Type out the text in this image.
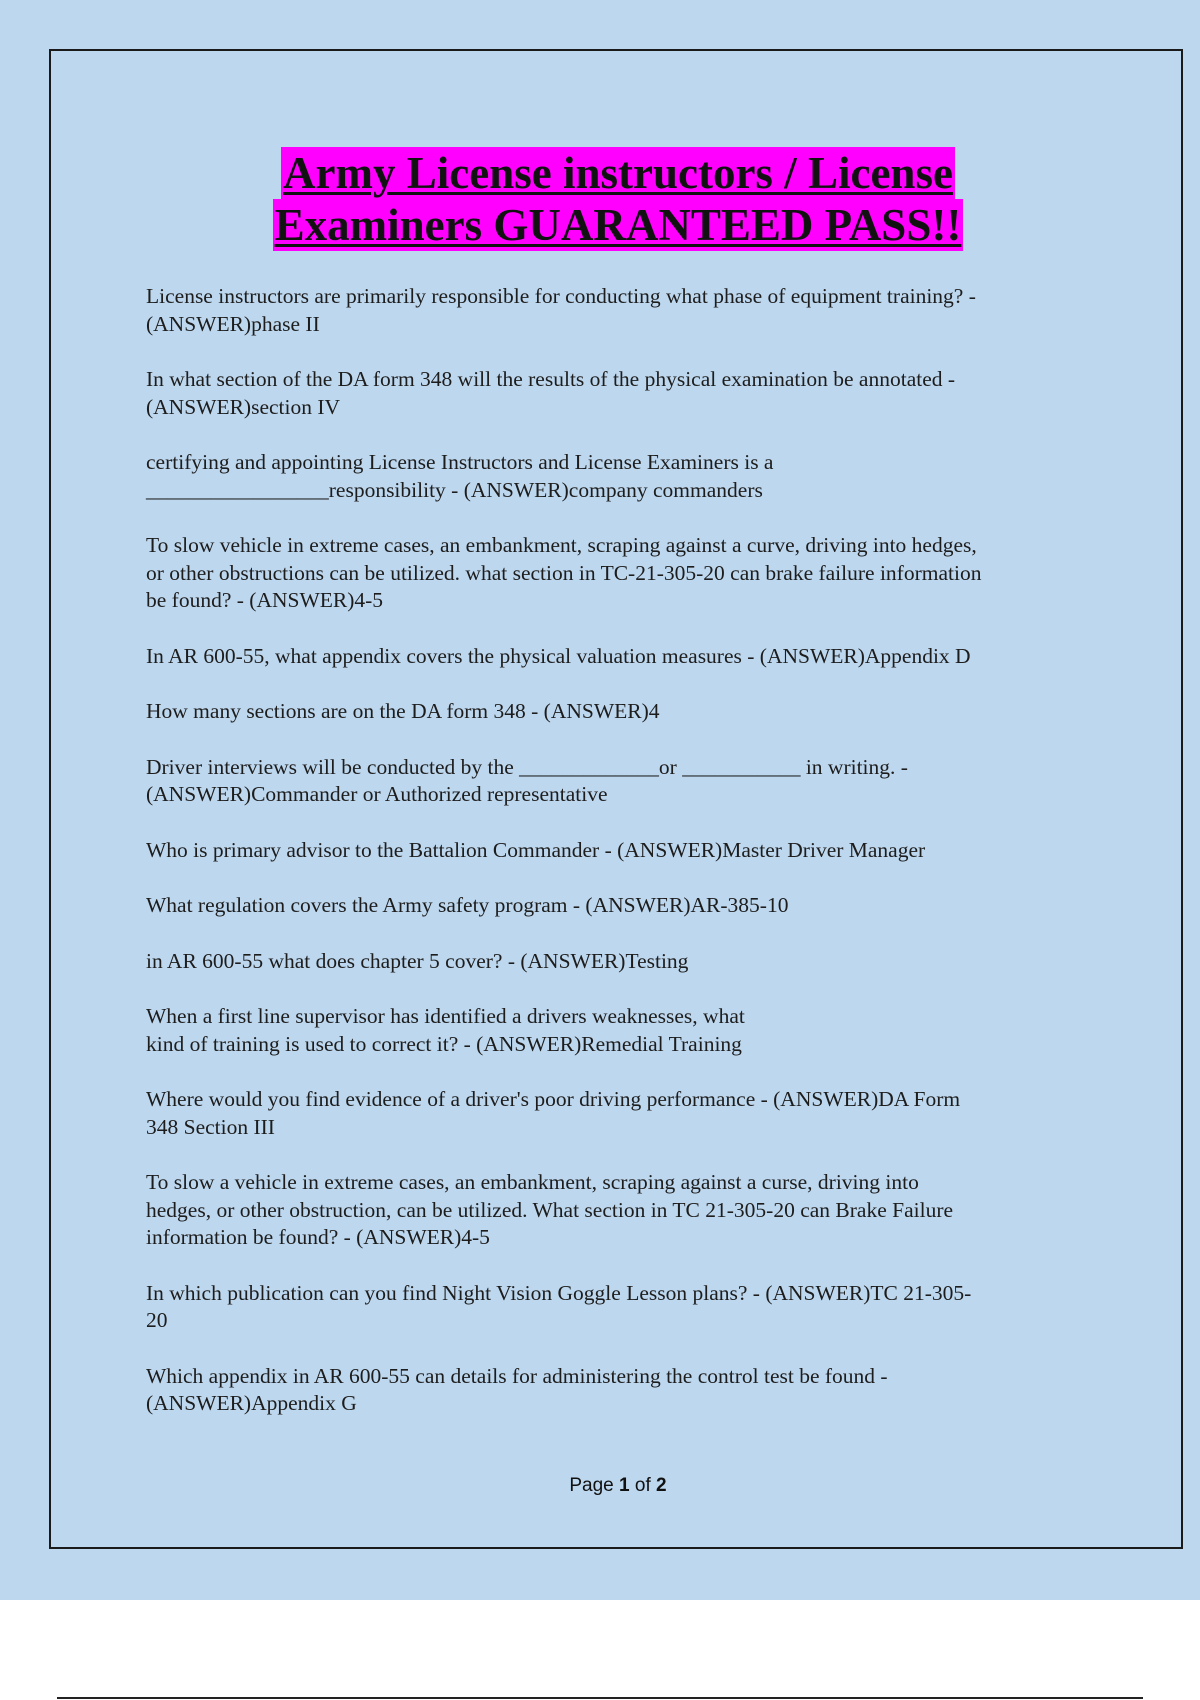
Army License instructors / License
Examiners GUARANTEED PASS!!

License instructors are primarily responsible for conducting what phase of equipment training? -
(ANSWER)phase II

In what section of the DA form 348 will the results of the physical examination be annotated -
(ANSWER)section IV

certifying and appointing License Instructors and License Examiners is a
_________________responsibility - (ANSWER)company commanders

To slow vehicle in extreme cases, an embankment, scraping against a curve, driving into hedges,
or other obstructions can be utilized. what section in TC-21-305-20 can brake failure information
be found? - (ANSWER)4-5

In AR 600-55, what appendix covers the physical valuation measures - (ANSWER)Appendix D

How many sections are on the DA form 348 - (ANSWER)4

Driver interviews will be conducted by the _____________or ___________ in writing. -
(ANSWER)Commander or Authorized representative

Who is primary advisor to the Battalion Commander - (ANSWER)Master Driver Manager

What regulation covers the Army safety program - (ANSWER)AR-385-10

in AR 600-55 what does chapter 5 cover? - (ANSWER)Testing

When a first line supervisor has identified a drivers weaknesses, what
kind of training is used to correct it? - (ANSWER)Remedial Training

Where would you find evidence of a driver's poor driving performance - (ANSWER)DA Form
348 Section III

To slow a vehicle in extreme cases, an embankment, scraping against a curse, driving into
hedges, or other obstruction, can be utilized. What section in TC 21-305-20 can Brake Failure
information be found? - (ANSWER)4-5

In which publication can you find Night Vision Goggle Lesson plans? - (ANSWER)TC 21-305-
20

Which appendix in AR 600-55 can details for administering the control test be found -
(ANSWER)Appendix G

Page 1 of 2
